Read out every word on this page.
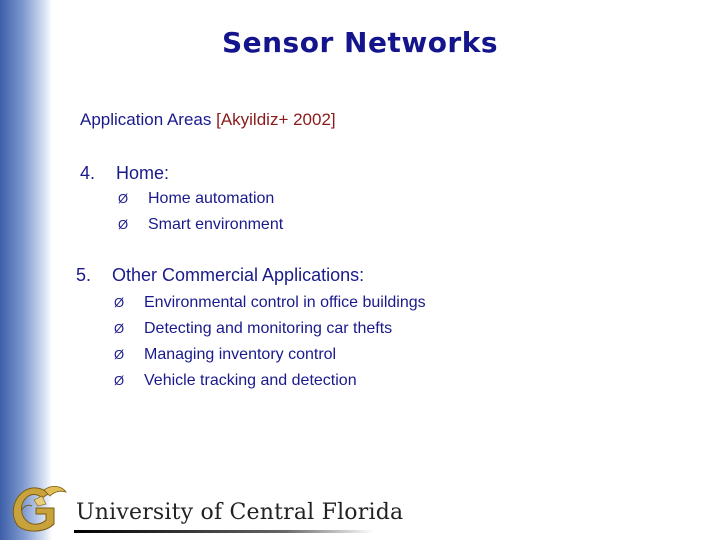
Sensor Networks
Application Areas [Akyildiz+ 2002]
4. Home:
Ø Home automation
Ø Smart environment
5. Other Commercial Applications:
Ø Environmental control in office buildings
Ø Detecting and monitoring car thefts
Ø Managing inventory control
Ø Vehicle tracking and detection
University of Central Florida
